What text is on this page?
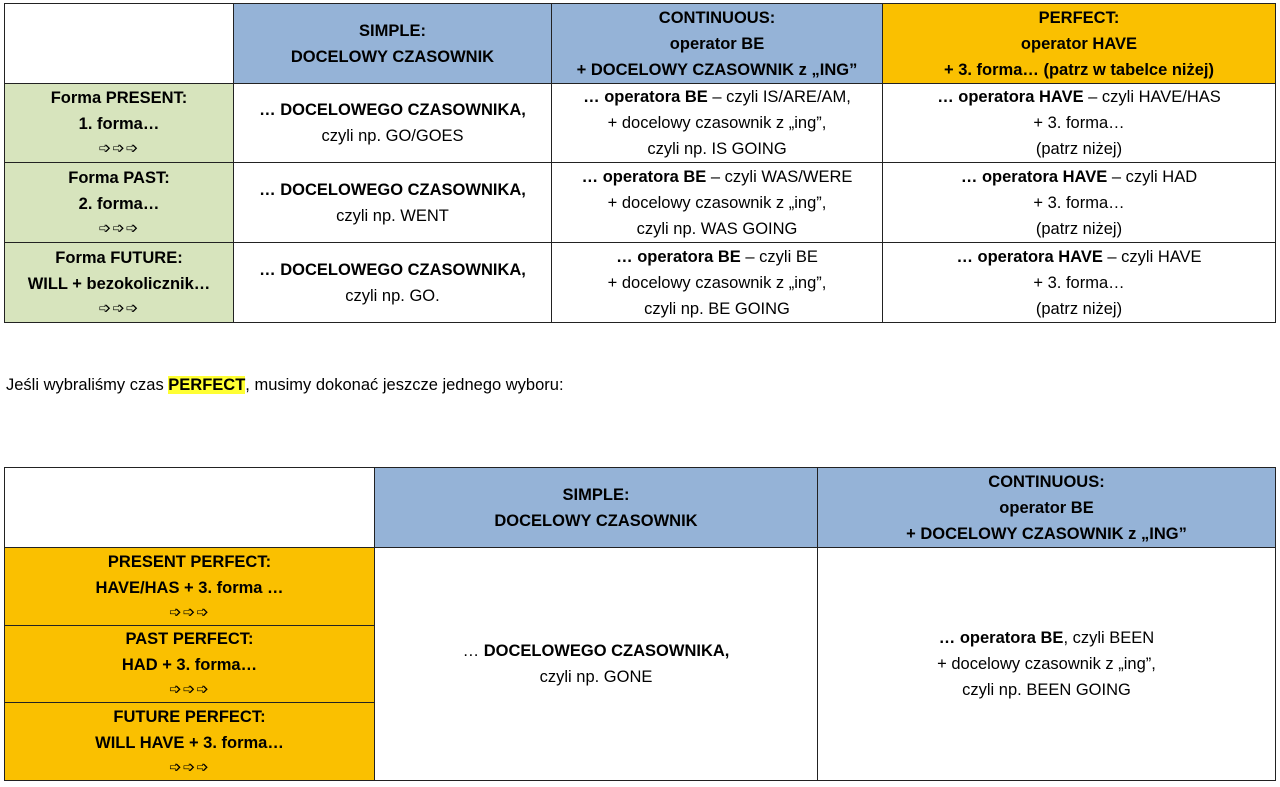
	SIMPLE:
DOCELOWY CZASOWNIK	CONTINUOUS:
operator BE
+ DOCELOWY CZASOWNIK z „ING”	PERFECT:
operator HAVE
+ 3. forma… (patrz w tabelce niżej)

Forma PRESENT:
1. forma…
➩➩➩	… DOCELOWEGO CZASOWNIKA,
czyli np. GO/GOES	… operatora BE – czyli IS/ARE/AM,
+ docelowy czasownik z „ing”,
czyli np. IS GOING	… operatora HAVE – czyli HAVE/HAS
+ 3. forma…
(patrz niżej)

Forma PAST:
2. forma…
➩➩➩	… DOCELOWEGO CZASOWNIKA,
czyli np. WENT	… operatora BE – czyli WAS/WERE
+ docelowy czasownik z „ing”,
czyli np. WAS GOING	… operatora HAVE – czyli HAD
+ 3. forma…
(patrz niżej)

Forma FUTURE:
WILL + bezokolicznik…
➩➩➩	… DOCELOWEGO CZASOWNIKA,
czyli np. GO.	… operatora BE – czyli BE
+ docelowy czasownik z „ing”,
czyli np. BE GOING	… operatora HAVE – czyli HAVE
+ 3. forma…
(patrz niżej)
Jeśli wybraliśmy czas PERFECT, musimy dokonać jeszcze jednego wyboru:

	SIMPLE:
DOCELOWY CZASOWNIK	CONTINUOUS:
operator BE
+ DOCELOWY CZASOWNIK z „ING”

PRESENT PERFECT:
HAVE/HAS + 3. forma …
➩➩➩	… DOCELOWEGO CZASOWNIKA,
czyli np. GONE	… operatora BE, czyli BEEN
+ docelowy czasownik z „ing”,
czyli np. BEEN GOING

PAST PERFECT:
HAD + 3. forma…
➩➩➩		

FUTURE PERFECT:
WILL HAVE + 3. forma…
➩➩➩		
